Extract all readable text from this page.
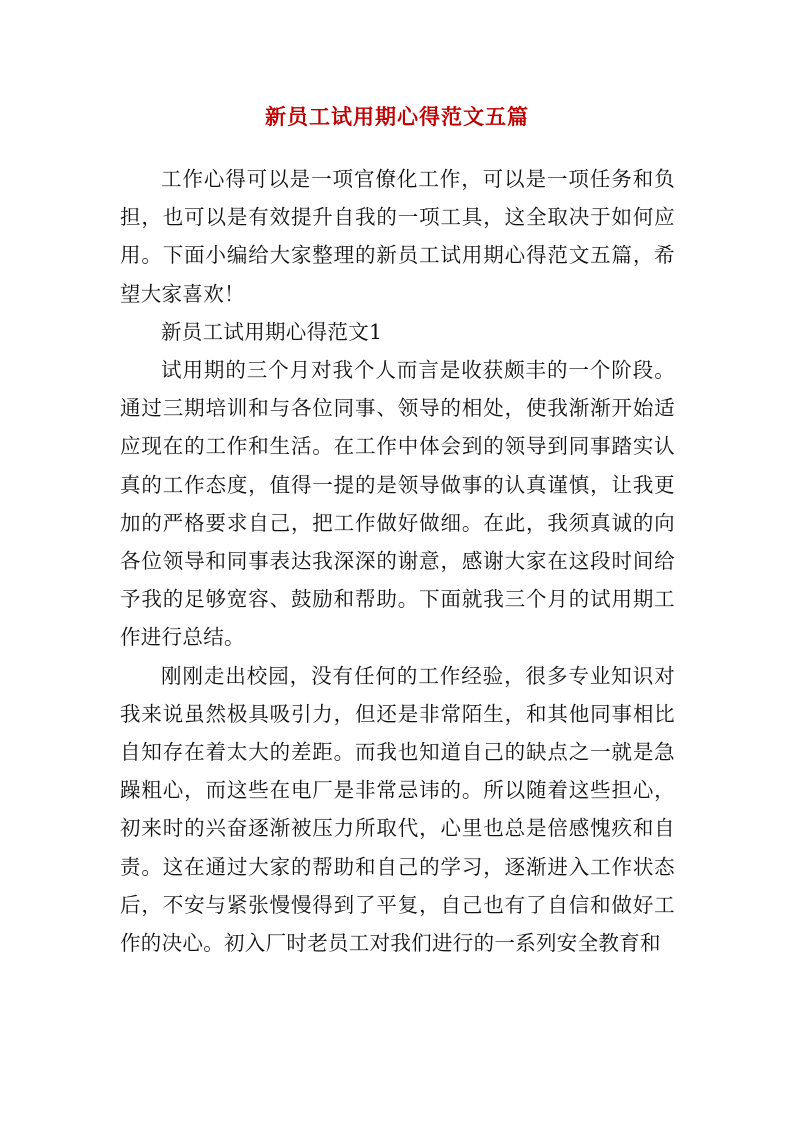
新员工试用期心得范文五篇

工作心得可以是一项官僚化工作，可以是一项任务和负担，也可以是有效提升自我的一项工具，这全取决于如何应用。下面小编给大家整理的新员工试用期心得范文五篇，希望大家喜欢！

新员工试用期心得范文1

试用期的三个月对我个人而言是收获颇丰的一个阶段。通过三期培训和与各位同事、领导的相处，使我渐渐开始适应现在的工作和生活。在工作中体会到的领导到同事踏实认真的工作态度，值得一提的是领导做事的认真谨慎，让我更加的严格要求自己，把工作做好做细。在此，我须真诚的向各位领导和同事表达我深深的谢意，感谢大家在这段时间给予我的足够宽容、鼓励和帮助。下面就我三个月的试用期工作进行总结。

刚刚走出校园，没有任何的工作经验，很多专业知识对我来说虽然极具吸引力，但还是非常陌生，和其他同事相比自知存在着太大的差距。而我也知道自己的缺点之一就是急躁粗心，而这些在电厂是非常忌讳的。所以随着这些担心，初来时的兴奋逐渐被压力所取代，心里也总是倍感愧疚和自责。这在通过大家的帮助和自己的学习，逐渐进入工作状态后，不安与紧张慢慢得到了平复，自己也有了自信和做好工作的决心。初入厂时老员工对我们进行的一系列安全教育和
